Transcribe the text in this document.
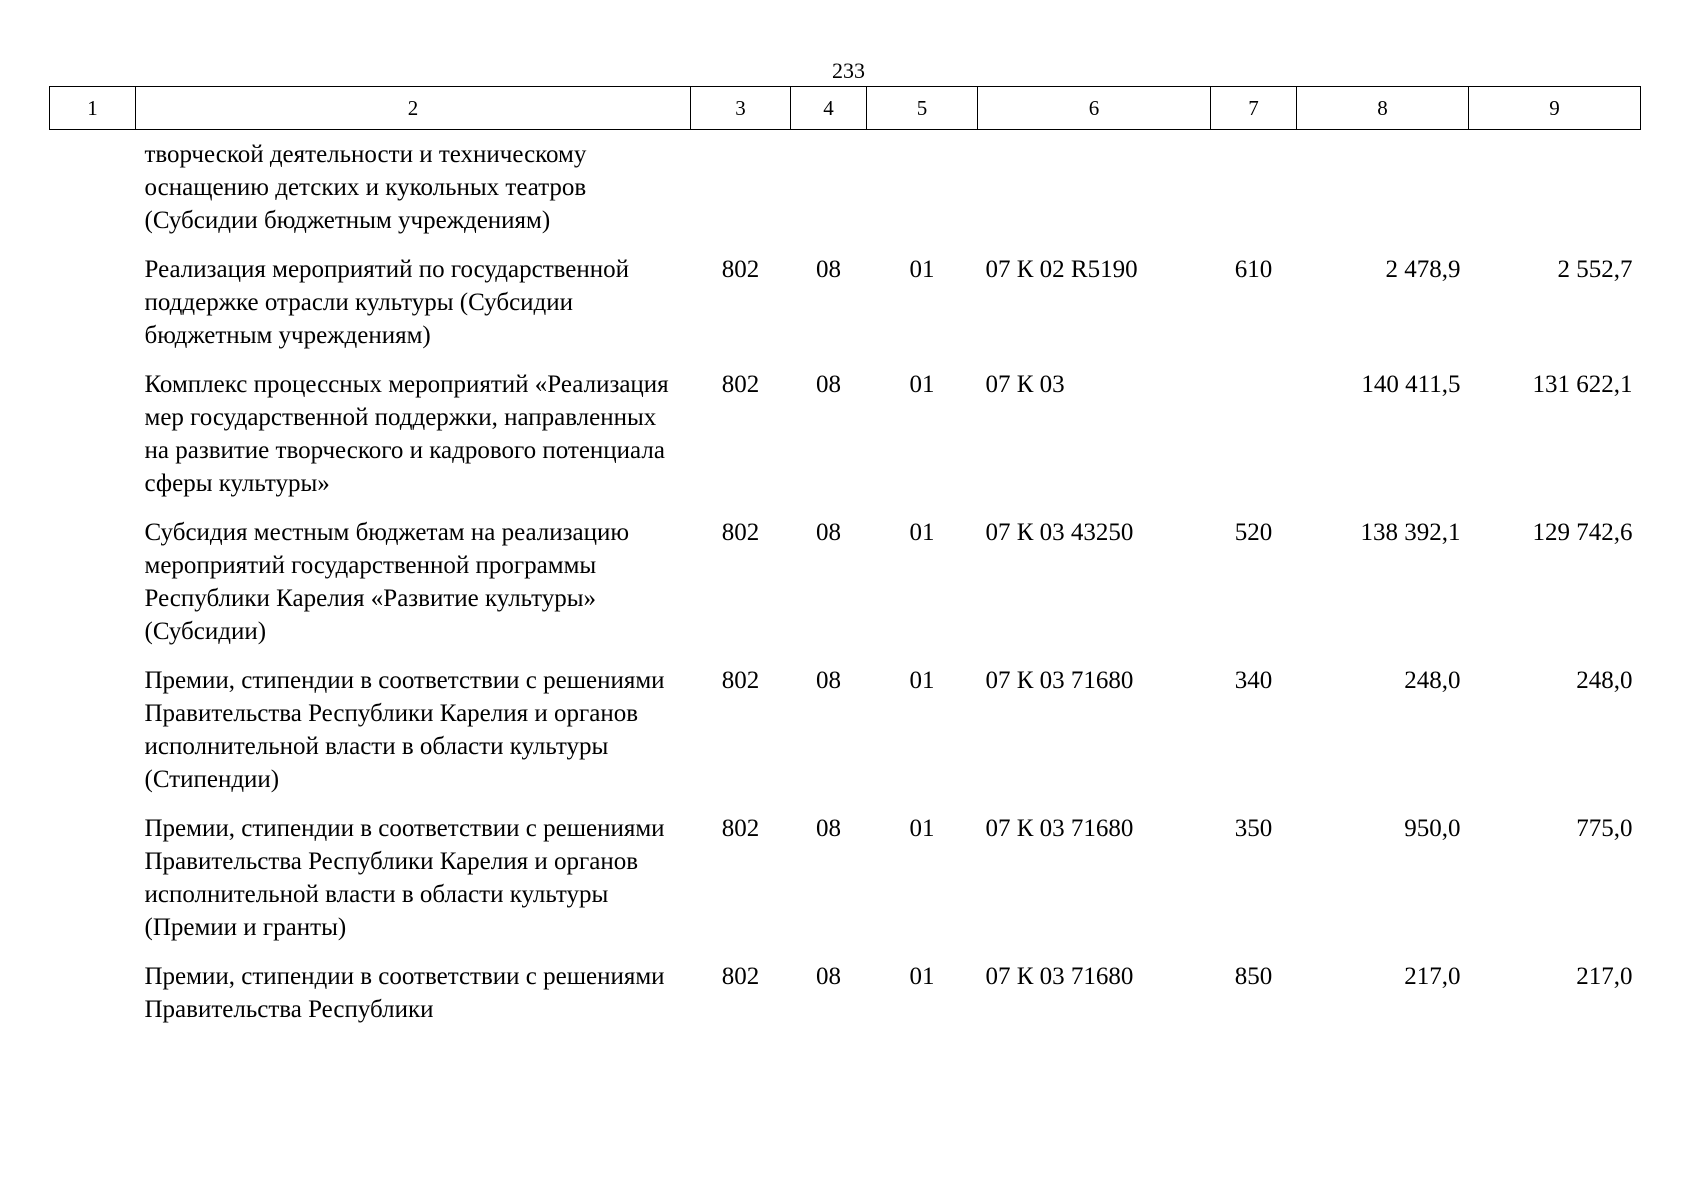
233
1	2	3	4	5	6	7	8	9
творческой деятельности и техническому оснащению детских и кукольных театров (Субсидии бюджетным учреждениям)								
Реализация мероприятий по государственной поддержке отрасли культуры (Субсидии бюджетным учреждениям)		802	08	01	07 К 02 R5190	610	2 478,9	2 552,7
Комплекс процессных мероприятий «Реализация мер государственной поддержки, направленных на развитие творческого и кадрового потенциала сферы культуры»		802	08	01	07 К 03		140 411,5	131 622,1
Субсидия местным бюджетам на реализацию мероприятий государственной программы Республики Карелия «Развитие культуры» (Субсидии)		802	08	01	07 К 03 43250	520	138 392,1	129 742,6
Премии, стипендии в соответствии с решениями Правительства Республики Карелия и органов исполнительной власти в области культуры (Стипендии)		802	08	01	07 К 03 71680	340	248,0	248,0
Премии, стипендии в соответствии с решениями Правительства Республики Карелия и органов исполнительной власти в области культуры (Премии и гранты)		802	08	01	07 К 03 71680	350	950,0	775,0
Премии, стипендии в соответствии с решениями Правительства Республики		802	08	01	07 К 03 71680	850	217,0	217,0
